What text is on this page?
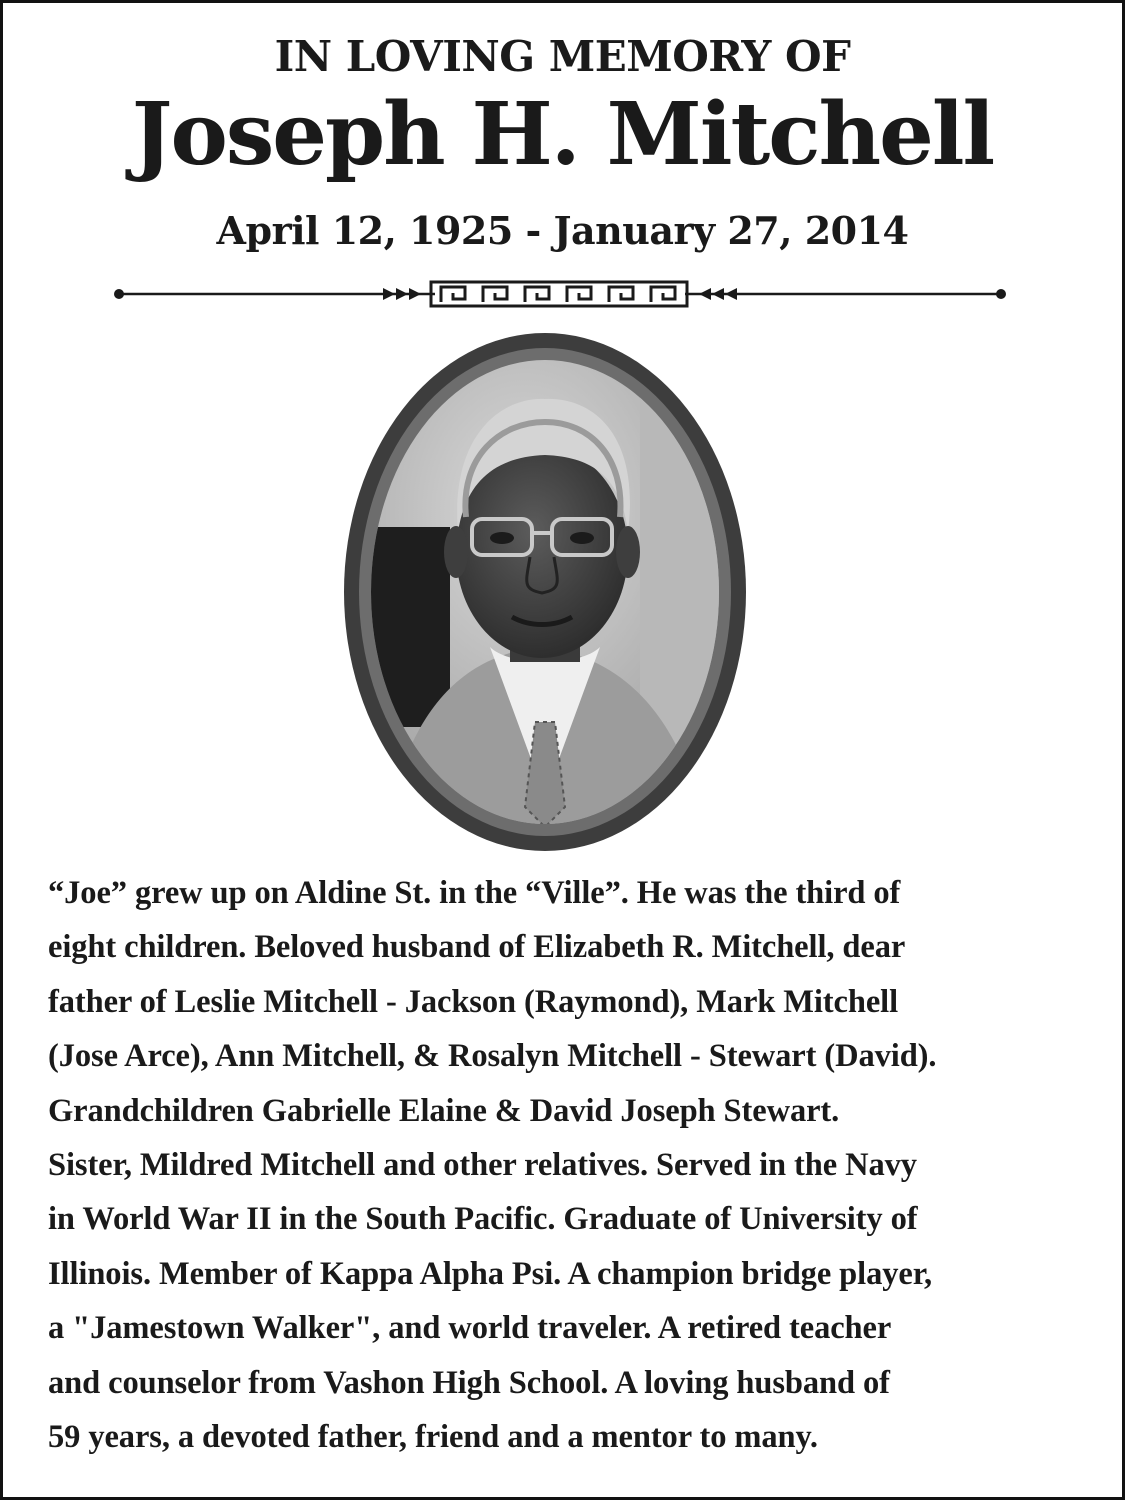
IN LOVING MEMORY OF
Joseph H. Mitchell
April 12, 1925 - January 27, 2014

“Joe” grew up on Aldine St. in the “Ville”. He was the third of
eight children. Beloved husband of Elizabeth R. Mitchell, dear
father of Leslie Mitchell - Jackson (Raymond), Mark Mitchell
(Jose Arce), Ann Mitchell, & Rosalyn Mitchell - Stewart (David).
Grandchildren Gabrielle Elaine & David Joseph Stewart.
Sister, Mildred Mitchell and other relatives. Served in the Navy
in World War II in the South Pacific. Graduate of University of
Illinois. Member of Kappa Alpha Psi. A champion bridge player,
a "Jamestown Walker", and world traveler. A retired teacher
and counselor from Vashon High School. A loving husband of
59 years, a devoted father, friend and a mentor to many.
